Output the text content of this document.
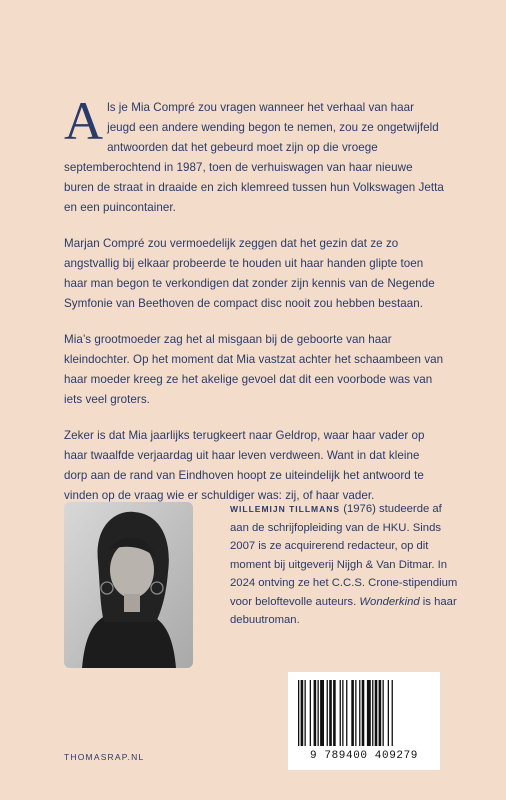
Als je Mia Compré zou vragen wanneer het verhaal van haar jeugd een andere wending begon te nemen, zou ze ongetwijfeld antwoorden dat het gebeurd moet zijn op die vroege septemberochtend in 1987, toen de verhuiswagen van haar nieuwe buren de straat in draaide en zich klemreed tussen hun Volkswagen Jetta en een puincontainer.

Marjan Compré zou vermoedelijk zeggen dat het gezin dat ze zo angstvallig bij elkaar probeerde te houden uit haar handen glipte toen haar man begon te verkondigen dat zonder zijn kennis van de Negende Symfonie van Beethoven de compact disc nooit zou hebben bestaan.

Mia’s grootmoeder zag het al misgaan bij de geboorte van haar kleindochter. Op het moment dat Mia vastzat achter het schaambeen van haar moeder kreeg ze het akelige gevoel dat dit een voorbode was van iets veel groters.

Zeker is dat Mia jaarlijks terugkeert naar Geldrop, waar haar vader op haar twaalfde verjaardag uit haar leven verdween. Want in dat kleine dorp aan de rand van Eindhoven hoopt ze uiteindelijk het antwoord te vinden op de vraag wie er schuldiger was: zij, of haar vader.

WILLEMIJN TILLMANS (1976) studeerde af aan de schrijfopleiding van de HKU. Sinds 2007 is ze acquirerend redacteur, op dit moment bij uitgeverij Nijgh & Van Ditmar. In 2024 ontving ze het C.C.S. Crone-stipendium voor beloftevolle auteurs. Wonderkind is haar debuutroman.
THOMASRAP.NL	9 789400 409279
